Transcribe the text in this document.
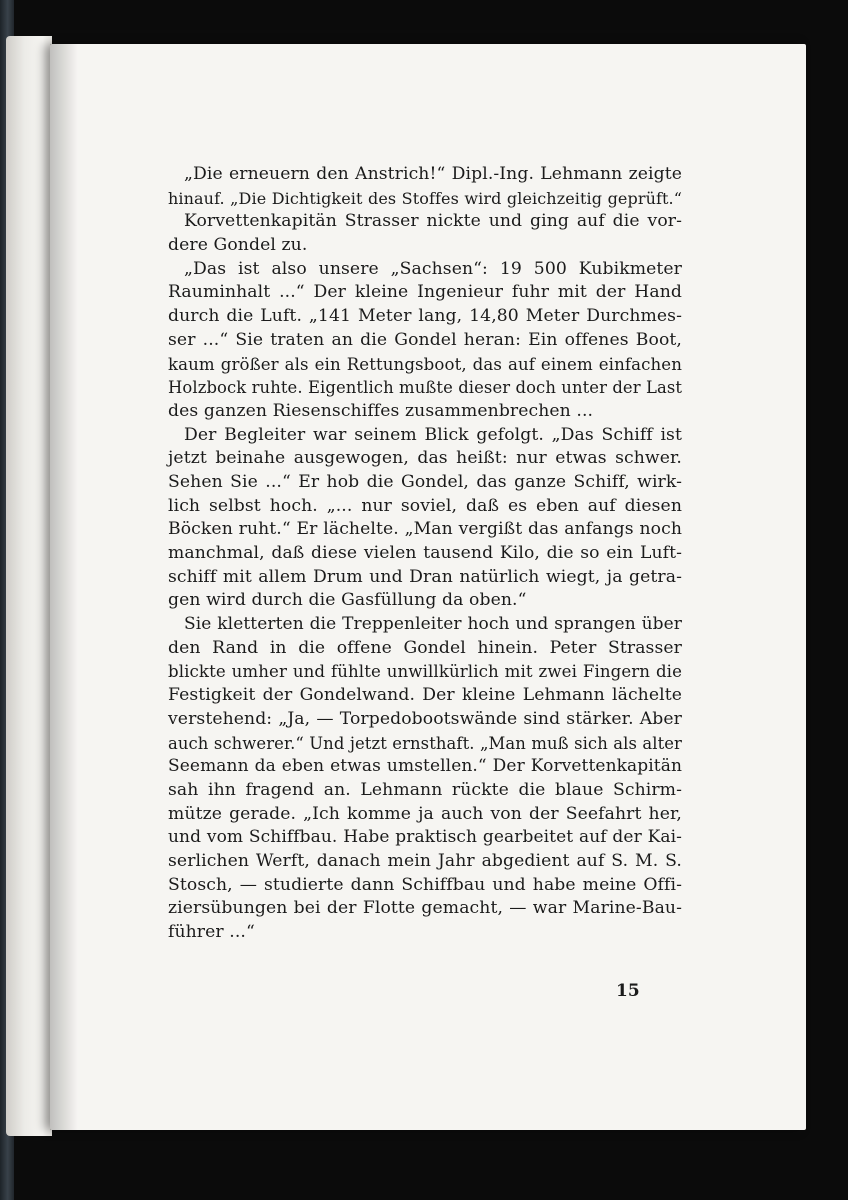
„Die erneuern den Anstrich!“ Dipl.-Ing. Lehmann zeigte
hinauf. „Die Dichtigkeit des Stoffes wird gleichzeitig geprüft.“
Korvettenkapitän Strasser nickte und ging auf die vor-
dere Gondel zu.
„Das ist also unsere „Sachsen“: 19 500 Kubikmeter
Rauminhalt ...“ Der kleine Ingenieur fuhr mit der Hand
durch die Luft. „141 Meter lang, 14,80 Meter Durchmes-
ser ...“ Sie traten an die Gondel heran: Ein offenes Boot,
kaum größer als ein Rettungsboot, das auf einem einfachen
Holzbock ruhte. Eigentlich mußte dieser doch unter der Last
des ganzen Riesenschiffes zusammenbrechen ...
Der Begleiter war seinem Blick gefolgt. „Das Schiff ist
jetzt beinahe ausgewogen, das heißt: nur etwas schwer.
Sehen Sie ...“ Er hob die Gondel, das ganze Schiff, wirk-
lich selbst hoch. „... nur soviel, daß es eben auf diesen
Böcken ruht.“ Er lächelte. „Man vergißt das anfangs noch
manchmal, daß diese vielen tausend Kilo, die so ein Luft-
schiff mit allem Drum und Dran natürlich wiegt, ja getra-
gen wird durch die Gasfüllung da oben.“
Sie kletterten die Treppenleiter hoch und sprangen über
den Rand in die offene Gondel hinein. Peter Strasser
blickte umher und fühlte unwillkürlich mit zwei Fingern die
Festigkeit der Gondelwand. Der kleine Lehmann lächelte
verstehend: „Ja, — Torpedobootswände sind stärker. Aber
auch schwerer.“ Und jetzt ernsthaft. „Man muß sich als alter
Seemann da eben etwas umstellen.“ Der Korvettenkapitän
sah ihn fragend an. Lehmann rückte die blaue Schirm-
mütze gerade. „Ich komme ja auch von der Seefahrt her,
und vom Schiffbau. Habe praktisch gearbeitet auf der Kai-
serlichen Werft, danach mein Jahr abgedient auf S. M. S.
Stosch, — studierte dann Schiffbau und habe meine Offi-
ziersübungen bei der Flotte gemacht, — war Marine-Bau-
führer ...“
15
